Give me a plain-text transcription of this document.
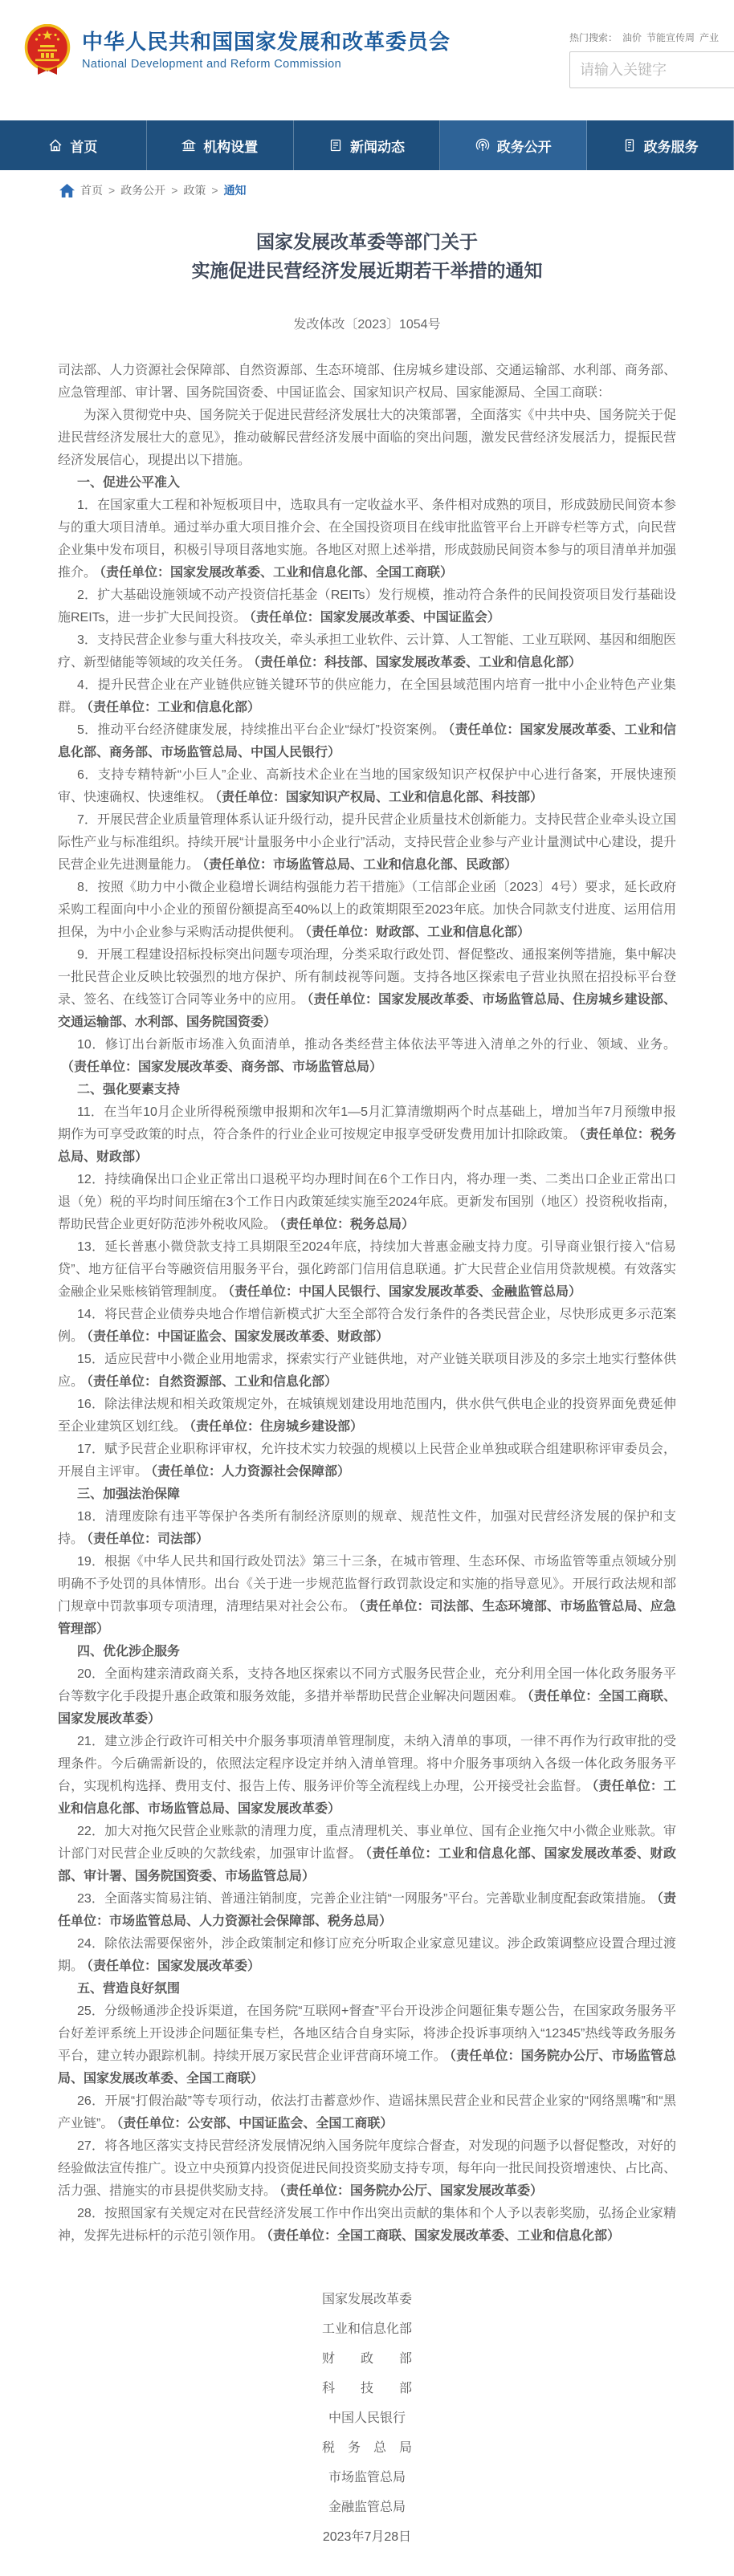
中华人民共和国国家发展和改革委员会
National Development and Reform Commission
热门搜索： 油价 节能宣传周 产业
请输入关键字
首页	机构设置	新闻动态	政务公开	政务服务
首页 > 政务公开 > 政策 > 通知
国家发展改革委等部门关于
实施促进民营经济发展近期若干举措的通知
发改体改〔2023〕1054号

司法部、人力资源社会保障部、自然资源部、生态环境部、住房城乡建设部、交通运输部、水利部、商务部、应急管理部、审计署、国务院国资委、中国证监会、国家知识产权局、国家能源局、全国工商联：

为深入贯彻党中央、国务院关于促进民营经济发展壮大的决策部署，全面落实《中共中央、国务院关于促进民营经济发展壮大的意见》，推动破解民营经济发展中面临的突出问题，激发民营经济发展活力，提振民营经济发展信心，现提出以下措施。

一、促进公平准入

1．在国家重大工程和补短板项目中，选取具有一定收益水平、条件相对成熟的项目，形成鼓励民间资本参与的重大项目清单。通过举办重大项目推介会、在全国投资项目在线审批监管平台上开辟专栏等方式，向民营企业集中发布项目，积极引导项目落地实施。各地区对照上述举措，形成鼓励民间资本参与的项目清单并加强推介。 （责任单位：国家发展改革委、工业和信息化部、全国工商联）

2．扩大基础设施领域不动产投资信托基金（REITs）发行规模，推动符合条件的民间投资项目发行基础设施REITs，进一步扩大民间投资。 （责任单位：国家发展改革委、中国证监会）

3．支持民营企业参与重大科技攻关，牵头承担工业软件、云计算、人工智能、工业互联网、基因和细胞医疗、新型储能等领域的攻关任务。 （责任单位：科技部、国家发展改革委、工业和信息化部）

4．提升民营企业在产业链供应链关键环节的供应能力，在全国县域范围内培育一批中小企业特色产业集群。 （责任单位：工业和信息化部）

5．推动平台经济健康发展，持续推出平台企业“绿灯”投资案例。 （责任单位：国家发展改革委、工业和信息化部、商务部、市场监管总局、中国人民银行）

6．支持专精特新“小巨人”企业、高新技术企业在当地的国家级知识产权保护中心进行备案，开展快速预审、快速确权、快速维权。 （责任单位：国家知识产权局、工业和信息化部、科技部）

7．开展民营企业质量管理体系认证升级行动，提升民营企业质量技术创新能力。支持民营企业牵头设立国际性产业与标准组织。持续开展“计量服务中小企业行”活动，支持民营企业参与产业计量测试中心建设，提升民营企业先进测量能力。 （责任单位：市场监管总局、工业和信息化部、民政部）

8．按照《助力中小微企业稳增长调结构强能力若干措施》（工信部企业函〔2023〕4号）要求，延长政府采购工程面向中小企业的预留份额提高至40%以上的政策期限至2023年底。加快合同款支付进度、运用信用担保，为中小企业参与采购活动提供便利。 （责任单位：财政部、工业和信息化部）

9．开展工程建设招标投标突出问题专项治理，分类采取行政处罚、督促整改、通报案例等措施，集中解决一批民营企业反映比较强烈的地方保护、所有制歧视等问题。支持各地区探索电子营业执照在招投标平台登录、签名、在线签订合同等业务中的应用。 （责任单位：国家发展改革委、市场监管总局、住房城乡建设部、交通运输部、水利部、国务院国资委）

10．修订出台新版市场准入负面清单，推动各类经营主体依法平等进入清单之外的行业、领域、业务。（责任单位：国家发展改革委、商务部、市场监管总局）

二、强化要素支持

11．在当年10月企业所得税预缴申报期和次年1—5月汇算清缴期两个时点基础上，增加当年7月预缴申报期作为可享受政策的时点，符合条件的行业企业可按规定申报享受研发费用加计扣除政策。 （责任单位：税务总局、财政部）

12．持续确保出口企业正常出口退税平均办理时间在6个工作日内，将办理一类、二类出口企业正常出口退（免）税的平均时间压缩在3个工作日内政策延续实施至2024年底。更新发布国别（地区）投资税收指南，帮助民营企业更好防范涉外税收风险。 （责任单位：税务总局）

13．延长普惠小微贷款支持工具期限至2024年底，持续加大普惠金融支持力度。引导商业银行接入“信易贷”、地方征信平台等融资信用服务平台，强化跨部门信用信息联通。扩大民营企业信用贷款规模。有效落实金融企业呆账核销管理制度。 （责任单位：中国人民银行、国家发展改革委、金融监管总局）

14．将民营企业债券央地合作增信新模式扩大至全部符合发行条件的各类民营企业，尽快形成更多示范案例。 （责任单位：中国证监会、国家发展改革委、财政部）

15．适应民营中小微企业用地需求，探索实行产业链供地，对产业链关联项目涉及的多宗土地实行整体供应。 （责任单位：自然资源部、工业和信息化部）

16．除法律法规和相关政策规定外，在城镇规划建设用地范围内，供水供气供电企业的投资界面免费延伸至企业建筑区划红线。 （责任单位：住房城乡建设部）

17．赋予民营企业职称评审权，允许技术实力较强的规模以上民营企业单独或联合组建职称评审委员会，开展自主评审。 （责任单位：人力资源社会保障部）

三、加强法治保障

18．清理废除有违平等保护各类所有制经济原则的规章、规范性文件，加强对民营经济发展的保护和支持。 （责任单位：司法部）

19．根据《中华人民共和国行政处罚法》第三十三条，在城市管理、生态环保、市场监管等重点领域分别明确不予处罚的具体情形。出台《关于进一步规范监督行政罚款设定和实施的指导意见》。开展行政法规和部门规章中罚款事项专项清理，清理结果对社会公布。 （责任单位：司法部、生态环境部、市场监管总局、应急管理部）

四、优化涉企服务

20．全面构建亲清政商关系，支持各地区探索以不同方式服务民营企业，充分利用全国一体化政务服务平台等数字化手段提升惠企政策和服务效能，多措并举帮助民营企业解决问题困难。 （责任单位：全国工商联、国家发展改革委）

21．建立涉企行政许可相关中介服务事项清单管理制度，未纳入清单的事项，一律不再作为行政审批的受理条件。今后确需新设的，依照法定程序设定并纳入清单管理。将中介服务事项纳入各级一体化政务服务平台，实现机构选择、费用支付、报告上传、服务评价等全流程线上办理，公开接受社会监督。 （责任单位：工业和信息化部、市场监管总局、国家发展改革委）

22．加大对拖欠民营企业账款的清理力度，重点清理机关、事业单位、国有企业拖欠中小微企业账款。审计部门对民营企业反映的欠款线索，加强审计监督。 （责任单位：工业和信息化部、国家发展改革委、财政部、审计署、国务院国资委、市场监管总局）

23．全面落实简易注销、普通注销制度，完善企业注销“一网服务”平台。完善歇业制度配套政策措施。 （责任单位：市场监管总局、人力资源社会保障部、税务总局）

24．除依法需要保密外，涉企政策制定和修订应充分听取企业家意见建议。涉企政策调整应设置合理过渡期。 （责任单位：国家发展改革委）

五、营造良好氛围

25．分级畅通涉企投诉渠道，在国务院“互联网+督查”平台开设涉企问题征集专题公告，在国家政务服务平台好差评系统上开设涉企问题征集专栏，各地区结合自身实际，将涉企投诉事项纳入“12345”热线等政务服务平台，建立转办跟踪机制。持续开展万家民营企业评营商环境工作。 （责任单位：国务院办公厅、市场监管总局、国家发展改革委、全国工商联）

26．开展“打假治敲”等专项行动，依法打击蓄意炒作、造谣抹黑民营企业和民营企业家的“网络黑嘴”和“黑产业链”。 （责任单位：公安部、中国证监会、全国工商联）

27．将各地区落实支持民营经济发展情况纳入国务院年度综合督查，对发现的问题予以督促整改，对好的经验做法宣传推广。设立中央预算内投资促进民间投资奖励支持专项，每年向一批民间投资增速快、占比高、活力强、措施实的市县提供奖励支持。 （责任单位：国务院办公厅、国家发展改革委）

28．按照国家有关规定对在民营经济发展工作中作出突出贡献的集体和个人予以表彰奖励，弘扬企业家精神，发挥先进标杆的示范引领作用。 （责任单位：全国工商联、国家发展改革委、工业和信息化部）

国家发展改革委
工业和信息化部
财　　政　　部
科　　技　　部
中国人民银行
税　务　总　局
市场监管总局
金融监管总局
2023年7月28日
